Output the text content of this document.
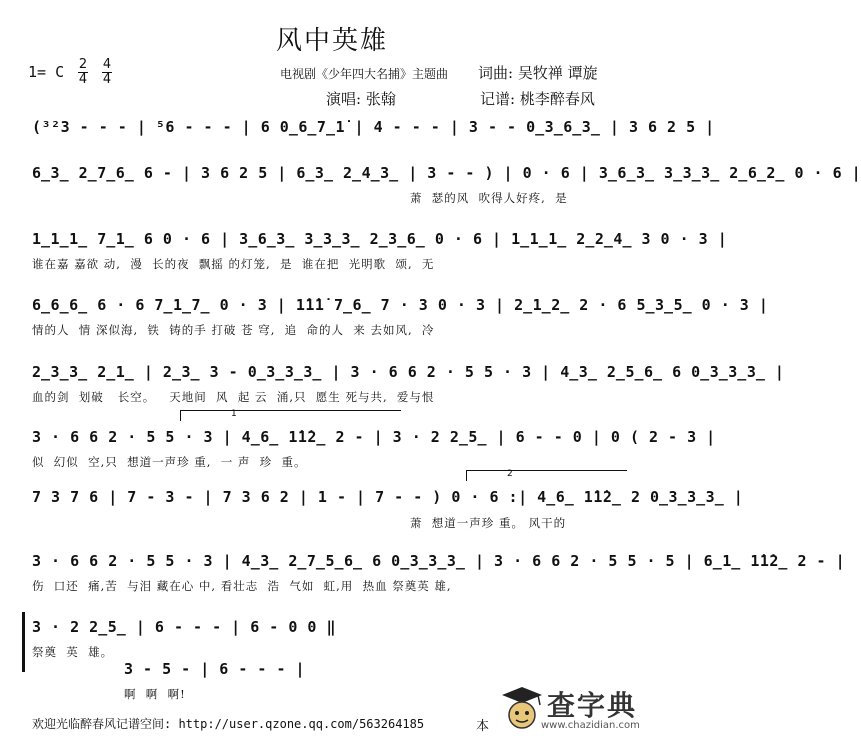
风中英雄
1= C 2
4
4
4	电视剧《少年四大名捕》主题曲 词曲: 吴牧禅 谭旋
演唱: 张翰	记谱: 桃李醉春风
(³²3 - - - | ⁵6 - - - | 6 0̲6̲7̲1̇ | 4 - - - | 3 - - 0̲3̲6̲3̲ | 3 6 2 5 |
6̲3̲ 2̲7̲6̲ 6 - | 3 6 2 5 | 6̲3̲ 2̲4̲3̲ | 3 - - ) | 0 · 6 | 3̲6̲3̲ 3̲3̲3̲ 2̲6̲2̲ 0 · 6 |
萧  瑟的风  吹得人好疼,  是
1̲1̲1̲ 7̲1̲ 6 0 · 6 | 3̲6̲3̲ 3̲3̲3̲ 2̲3̲6̲ 0 · 6 | 1̲1̲1̲ 2̲2̲4̲ 3 0 · 3 |
谁在嘉 嘉欲 动,  漫  长的夜  飘摇 的灯笼,  是  谁在把  光明歌  颂,  无
6̲6̲6̲ 6 · 6 7̲1̲7̲ 0 · 3 | 1̇1̇1̇ 7̲6̲ 7 · 3 0 · 3 | 2̲1̲2̲ 2 · 6 5̲3̲5̲ 0 · 3 |
情的人  情 深似海,  铁  铸的手 打破 苍 穹,  追  命的人  来 去如风,  冷
2̲3̲3̲ 2̲1̲ | 2̲3̲ 3 - 0̲3̲3̲3̲ | 3 · 6 6 2 · 5 5 · 3 | 4̲3̲ 2̲5̲6̲ 6 0̲3̲3̲3̲ |
血的剑  划破   长空。   天地间  风  起 云  涌,只  愿生 死与共,  爱与恨
1
3 · 6 6 2 · 5 5 · 3 | 4̲6̲ 1̇1̇2̲ 2 - | 3 · 2 2̲5̲ | 6 - - 0 | 0 ( 2 - 3 |
似  幻似  空,只  想道一声珍 重,  一 声  珍  重。
2
7 3 7 6 | 7 - 3 - | 7 3 6 2 | 1 - | 7 - - ) 0 · 6 :| 4̲6̲ 1̇1̇2̲ 2 0̲3̲3̲3̲ |
萧  想道一声珍 重。 风干的
3 · 6 6 2 · 5 5 · 3 | 4̲3̲ 2̲7̲5̲6̲ 6 0̲3̲3̲3̲ | 3 · 6 6 2 · 5 5 · 5 | 6̲1̲ 1̇1̇2̲ 2 - |
伤  口还  痛,苦  与泪 藏在心 中, 看壮志  浩  气如  虹,用  热血 祭奠英 雄,
3 · 2 2̲5̲ | 6 - - - | 6 - 0 0 ‖
祭奠  英  雄。
3 - 5 - | 6 - - - |
啊  啊  啊!
欢迎光临醉春风记谱空间: http://user.qzone.qq.com/563264185	本
查字典
www.chazidian.com
